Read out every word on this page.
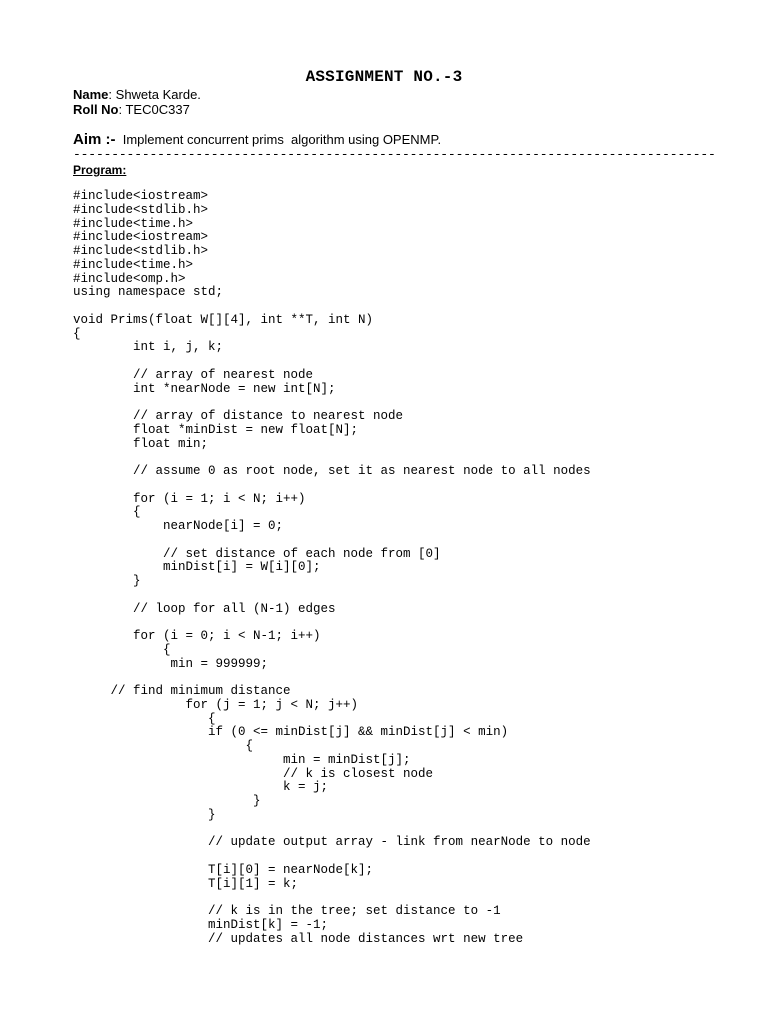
ASSIGNMENT NO.-3
Name: Shweta Karde.
Roll No: TEC0C337
Aim :-  Implement concurrent prims  algorithm using OPENMP.
------------------------------------------------------------------------------------
Program:
#include<iostream>
#include<stdlib.h>
#include<time.h>
#include<iostream>
#include<stdlib.h>
#include<time.h>
#include<omp.h>
using namespace std;
void Prims(float W[][4], int **T, int N)
{
int i, j, k;
// array of nearest node
int *nearNode = new int[N];
// array of distance to nearest node
float *minDist = new float[N];
float min;
// assume 0 as root node, set it as nearest node to all nodes
for (i = 1; i < N; i++)
{
nearNode[i] = 0;
// set distance of each node from [0]
minDist[i] = W[i][0];
}
// loop for all (N-1) edges
for (i = 0; i < N-1; i++)
{
min = 999999;
// find minimum distance
for (j = 1; j < N; j++)
{
if (0 <= minDist[j] && minDist[j] < min)
{
min = minDist[j];
// k is closest node
k = j;
}
}
// update output array - link from nearNode to node
T[i][0] = nearNode[k];
T[i][1] = k;
// k is in the tree; set distance to -1
minDist[k] = -1;
// updates all node distances wrt new tree
